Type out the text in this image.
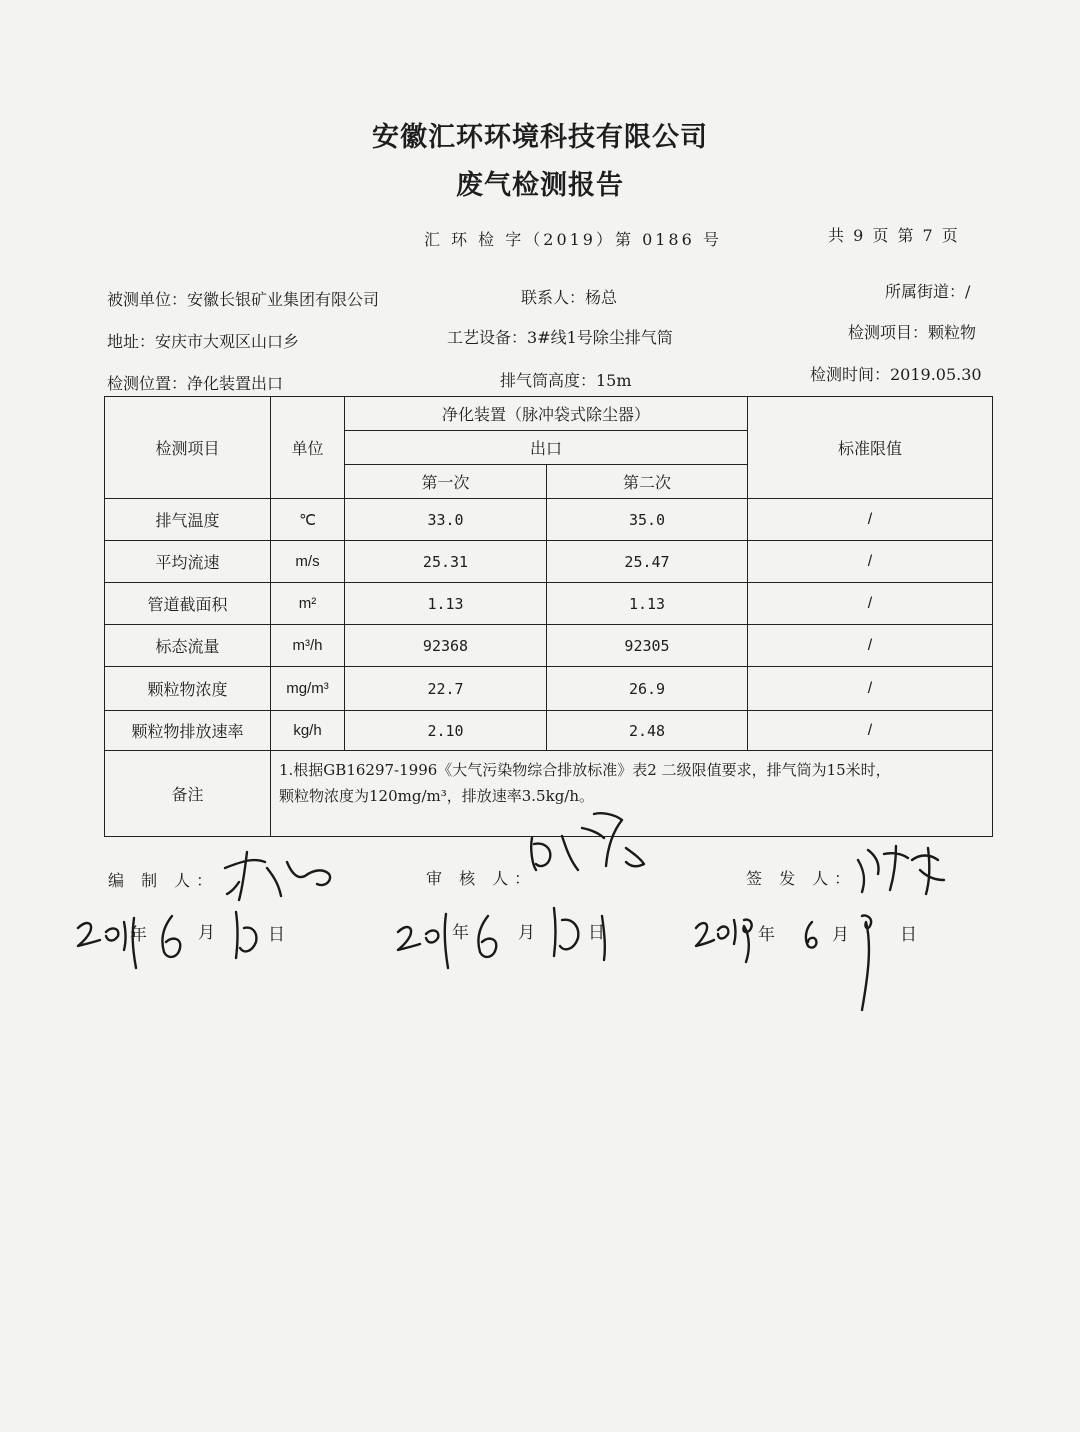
安徽汇环环境科技有限公司
废气检测报告
汇 环 检 字（2019）第 0186 号	共 9 页 第 7 页
被测单位：安徽长银矿业集团有限公司	联系人：杨总	所属街道：/
地址：安庆市大观区山口乡	工艺设备：3#线1号除尘排气筒	检测项目：颗粒物
检测位置：净化装置出口	排气筒高度：15m	检测时间：2019.05.30
检测项目	单位	净化装置（脉冲袋式除尘器）		标准限值
		出口		
		第一次	第二次	
排气温度	℃	33.0	35.0	/
平均流速	m/s	25.31	25.47	/
管道截面积	m²	1.13	1.13	/
标态流量	m³/h	92368	92305	/
颗粒物浓度	mg/m³	22.7	26.9	/
颗粒物排放速率	kg/h	2.10	2.48	/
备注	1.根据GB16297-1996《大气污染物综合排放标准》表2 二级限值要求，排气筒为15米时，
颗粒物浓度为120mg/m³，排放速率3.5kg/h。			
编 制 人：	审 核 人：	签 发 人：
年	月	日	年	月	日	年	月	日
